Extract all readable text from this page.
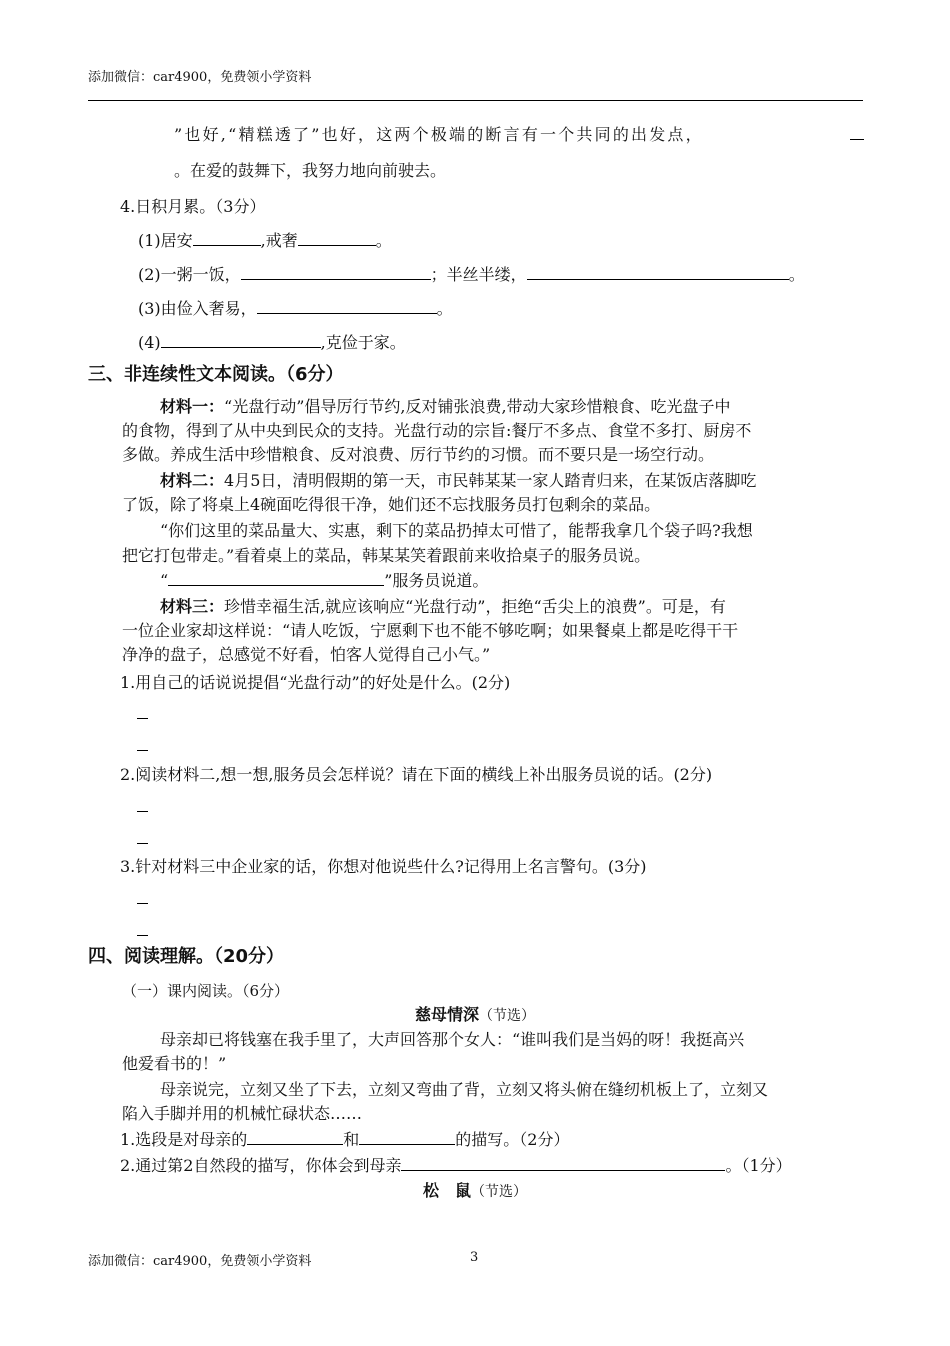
添加微信：car4900，免费领小学资料
”也好,“精糕透了”也好，这两个极端的断言有一个共同的出发点，
。在爱的鼓舞下，我努力地向前驶去。
4.日积月累。（3分）
(1)居安	,戒奢	。
(2)一粥一饭，	；半丝半缕，	。
(3)由俭入奢易，	。
(4)	,克俭于家。
三、非连续性文本阅读。（6分）
材料一：“光盘行动”倡导厉行节约,反对铺张浪费,带动大家珍惜粮食、吃光盘子中
的食物，得到了从中央到民众的支持。光盘行动的宗旨:餐厅不多点、食堂不多打、厨房不
多做。养成生活中珍惜粮食、反对浪费、厉行节约的习惯。而不要只是一场空行动。
材料二：4月5日，清明假期的第一天，市民韩某某一家人踏青归来，在某饭店落脚吃
了饭，除了将桌上4碗面吃得很干净，她们还不忘找服务员打包剩余的菜品。
“你们这里的菜品量大、实惠，剩下的菜品扔掉太可惜了，能帮我拿几个袋子吗?我想
把它打包带走。”看着桌上的菜品，韩某某笑着跟前来收拾桌子的服务员说。
“	”服务员说道。
材料三：珍惜幸福生活,就应该响应“光盘行动”，拒绝“舌尖上的浪费”。可是，有
一位企业家却这样说：“请人吃饭，宁愿剩下也不能不够吃啊；如果餐桌上都是吃得干干
净净的盘子，总感觉不好看，怕客人觉得自己小气。”
1.用自己的话说说提倡“光盘行动”的好处是什么。(2分)
2.阅读材料二,想一想,服务员会怎样说？请在下面的横线上补出服务员说的话。(2分)
3.针对材料三中企业家的话，你想对他说些什么?记得用上名言警句。(3分)
四、阅读理解。（20分）
（一）课内阅读。（6分）
慈母情深（节选）
母亲却已将钱塞在我手里了，大声回答那个女人：“谁叫我们是当妈的呀！我挺高兴
他爱看书的！”
母亲说完，立刻又坐了下去，立刻又弯曲了背，立刻又将头俯在缝纫机板上了，立刻又
陷入手脚并用的机械忙碌状态……
1.选段是对母亲的	和	的描写。（2分）
2.通过第2自然段的描写，你体会到母亲	。（1分）
松　鼠（节选）
添加微信：car4900，免费领小学资料	3
